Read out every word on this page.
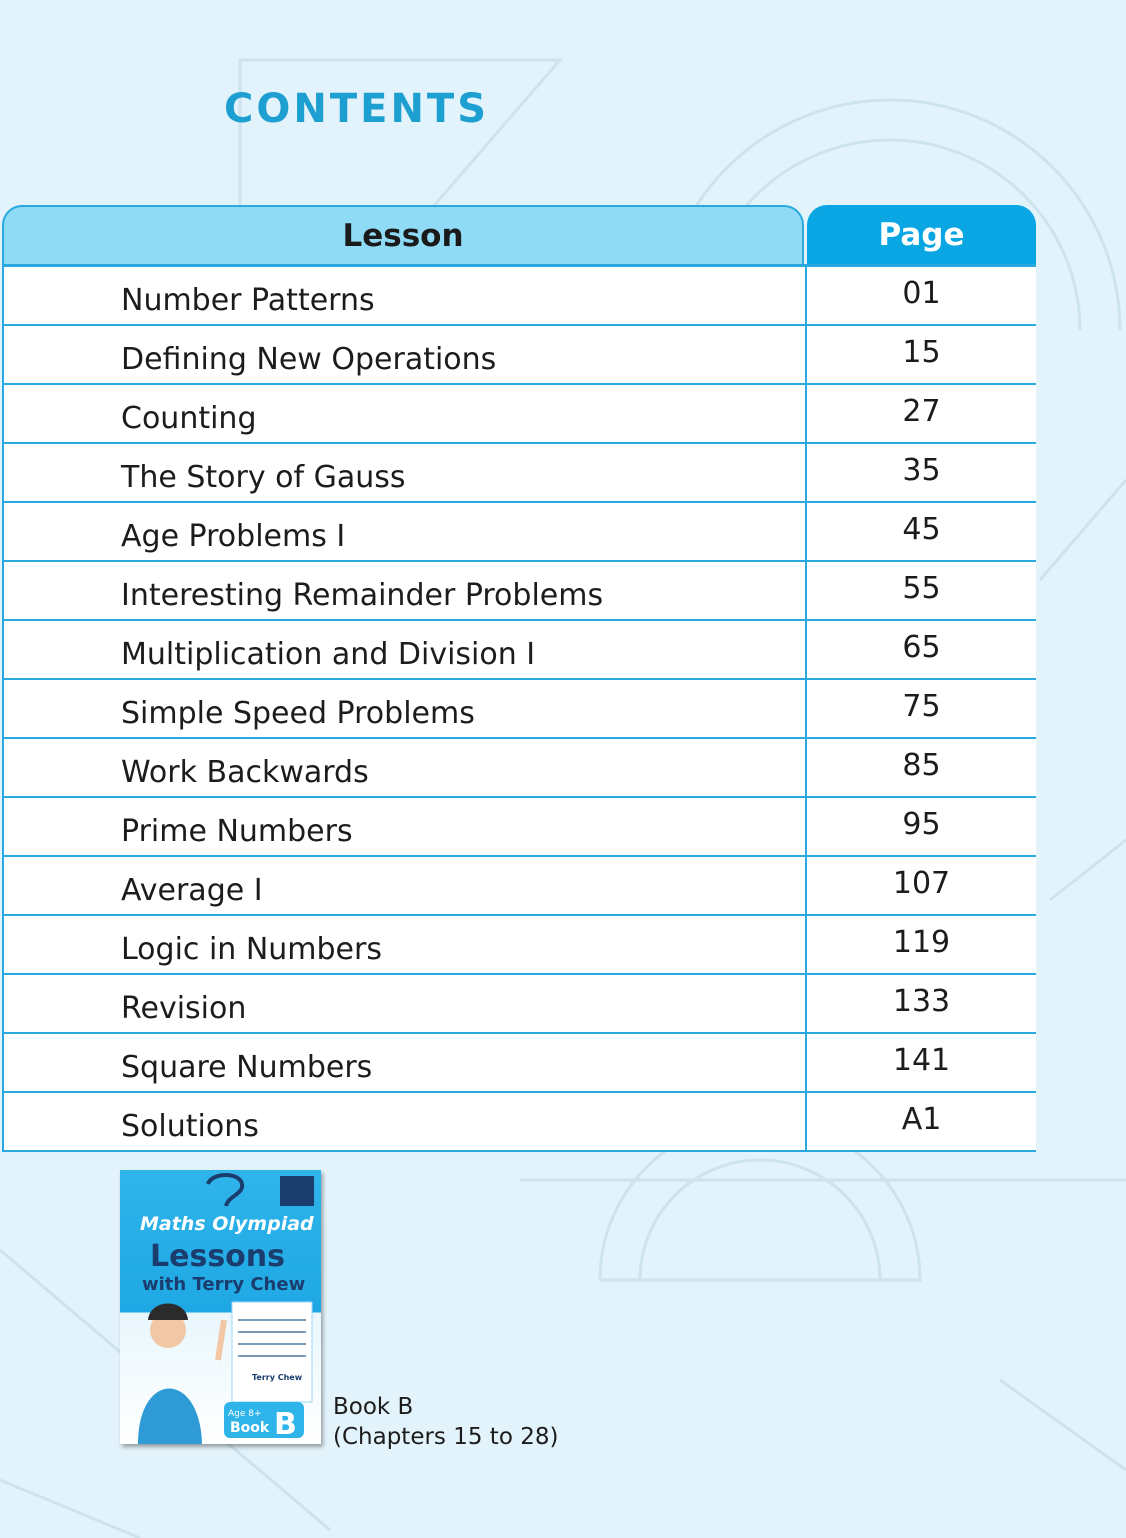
CONTENTS
Lesson	Page
Number Patterns	01
Defining New Operations	15
Counting	27
The Story of Gauss	35
Age Problems I	45
Interesting Remainder Problems	55
Multiplication and Division I	65
Simple Speed Problems	75
Work Backwards	85
Prime Numbers	95
Average I	107
Logic in Numbers	119
Revision	133
Square Numbers	141
Solutions	A1
Maths Olympiad
Lessons
with Terry Chew
Terry Chew
Age 8+
Book B Book B
(Chapters 15 to 28)
